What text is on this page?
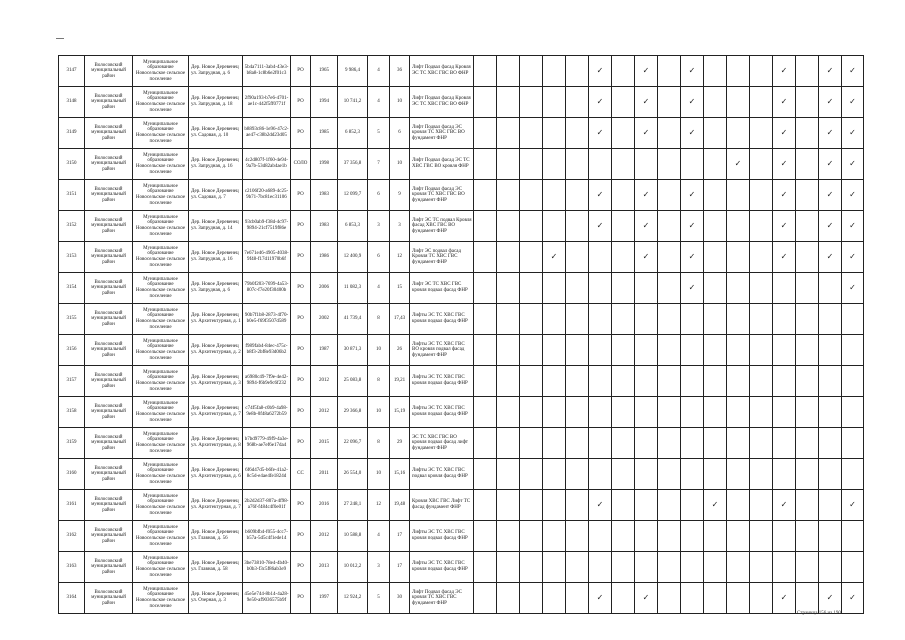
3147	Волосовский муниципальный район	Муниципальное образование Новосельское сельское поселение	Дер. Новое Деревенец ул. Запрудная, д. 6	5b4a7111-3ab4-43e3-b8a8-1c8b6e2f01c3	РО	1965	9 986,4	4	36	Лифт Подвал фасад Кровля ЭС ТС ХВС ГВС ВО ФНР						✓		✓		✓				✓		✓	✓
3148	Волосовский муниципальный район	Муниципальное образование Новосельское сельское поселение	Дер. Новое Деревенец ул. Запрудная, д. 18	2f90a193-b7e6-4701-ae1c-442f5ff0771f	РО	1994	10 741,2	4	10	Лифт Подвал фасад Кровля ЭС ТС ХВС ГВС ВО ФНР						✓		✓		✓				✓		✓	✓
3149	Волосовский муниципальный район	Муниципальное образование Новосельское сельское поселение	Дер. Новое Деревенец ул. Садовая, д. 10	b8893c86-1e96-47c2-ae47-c38b2dd23d05	РО	1985	6 852,3	5	6	Лифт Подвал фасад ЭС кровля ТС ХВС ГВС ВО фундамент ФНР						✓		✓		✓				✓		✓	✓
3150	Волосовский муниципальный район	Муниципальное образование Новосельское сельское поселение	Дер. Новое Деревенец ул. Запрудная, д. 16	4c2d807f-1f60-4e94-9a7b-53d82ab4ae1b	СОЛО	1998	37 356,8	7	10	Лифт Подвал фасад ЭС ТС ХВС ГВС ВО кровля ФНР												✓		✓		✓	✓
3151	Волосовский муниципальный район	Муниципальное образование Новосельское сельское поселение	Дер. Новое Деревенец ул. Садовая, д. 7	c2106f20-a689-4c25-9b71-7bc81ec31106	РО	1983	12 099,7	6	9	Лифт Подвал фасад ЭС кровля ТС ХВС ГВС ВО фундамент ФНР						✓		✓		✓				✓		✓	✓
3152	Волосовский муниципальный район	Муниципальное образование Новосельское сельское поселение	Дер. Новое Деревенец ул. Запрудная, д. 14	93cb0ab9-f38d-4c97-9894-21cf7519f86e	РО	1983	6 853,3	3	3	Лифт ЭС ТС подвал Кровля фасад ХВС ГВС ВО фундамент ФНР						✓		✓		✓				✓		✓	✓
3153	Волосовский муниципальный район	Муниципальное образование Новосельское сельское поселение	Дер. Новое Деревенец ул. Запрудная, д. 16	7e671e46-4905-4038-9f48-f17d11970b6f	РО	1986	12 400,9	6	12	Лифт ЭС подвал фасад Кровля ТС ХВС ГВС фундамент ФНР				✓				✓		✓				✓		✓	✓
3154	Волосовский муниципальный район	Муниципальное образование Новосельское сельское поселение	Дер. Новое Деревенец ул. Запрудная, д. 6	79b0f203-7699-4a53-807c-f7e20f30400b	РО	2006	11 082,3	4	15	Лифт ЭС ТС ХВС ГВС кровля подвал фасад ФНР										✓							✓
3155	Волосовский муниципальный район	Муниципальное образование Новосельское сельское поселение	Дер. Новое Деревенец ул. Архитектурная, д. 1	90b7f1b8-2873-4f70-b0e5-f69f3507d589	РО	2002	41 739,4	8	17,43	Лифты ЭС ТС ХВС ГВС кровля подвал фасад ФНР																	
3156	Волосовский муниципальный район	Муниципальное образование Новосельское сельское поселение	Дер. Новое Деревенец ул. Архитектурная, д. 2	f989fab4-84ec-475c-b8f3-2bf8e93d06b2	РО	1987	30 871,3	10	26	Лифты ЭС ТС ХВС ГВС ВО кровля подвал фасад фундамент ФНР																	
3157	Волосовский муниципальный район	Муниципальное образование Новосельское сельское поселение	Дер. Новое Деревенец ул. Архитектурная, д. 3	a6980c49-7f9e-4e42-9894-f6b9e9c6f232	РО	2012	25 083,8	8	19,21	Лифты ЭС ТС ХВС ГВС кровля подвал фасад ФНР																	
3158	Волосовский муниципальный район	Муниципальное образование Новосельское сельское поселение	Дер. Новое Деревенец ул. Архитектурная, д. 7	c74f5fa8-c0b9-4a98-9e8b-0f48a6272b59	РО	2012	29 366,8	10	15,19	Лифты ЭС ТС ХВС ГВС кровля подвал фасад ФНР																	
3159	Волосовский муниципальный район	Муниципальное образование Новосельское сельское поселение	Дер. Новое Деревенец ул. Архитектурная, д. 8	b7bd9779-49f9-4a3e-968b-ae7ef6e17da4	РО	2015	22 096,7	8	29	ЭС ТС ХВС ГВС ВО кровля подвал фасад лифт фундамент ФНР																	
3160	Волосовский муниципальный район	Муниципальное образование Новосельское сельское поселение	Дер. Новое Деревенец ул. Архитектурная, д. 6	6f6d47d5-b6fe-41a2-8c5d-e4ae4fe1824d	СС	2011	26 554,0	10	15,16	Лифты ЭС ТС ХВС ГВС подвал кровля фасад ФНР																	
3161	Волосовский муниципальный район	Муниципальное образование Новосельское сельское поселение	Дер. Новое Деревенец ул. Архитектурная, д. 7	2b2d2d37-807a-4f98-a76f-f484c4f0e01f	РО	2016	27 248,1	12	19,48	Кровля ХВС ГВС Лифт ТС фасад фундамент ФНР						✓					✓			✓			✓
3162	Волосовский муниципальный район	Муниципальное образование Новосельское сельское поселение	Дер. Новое Деревенец ул. Главная, д. 56	b609bfb4-f055-4cc7-b57a-5d5c4f1ede14	РО	2012	10 588,8	4	17	Лифты ЭС ТС ХВС ГВС кровля подвал фасад ФНР																	
3163	Волосовский муниципальный район	Муниципальное образование Новосельское сельское поселение	Дер. Новое Деревенец ул. Главная, д. 58	3be73810-78e4-4b40-b0b3-f3c5f86ab3e9	РО	2013	10 012,2	3	17	Лифты ЭС ТС ХВС ГВС кровля подвал фасад ФНР																	
3164	Волосовский муниципальный район	Муниципальное образование Новосельское сельское поселение	Дер. Новое Деревенец ул. Озерная, д. 3	45e5e744-8b14-4a28-9e50-af9036575b9f	РО	1997	12 924,2	5	30	Лифт Подвал фасад ЭС кровля ТС ХВС ГВС фундамент ФНР						✓		✓						✓		✓	✓
Страница 156 из 190
